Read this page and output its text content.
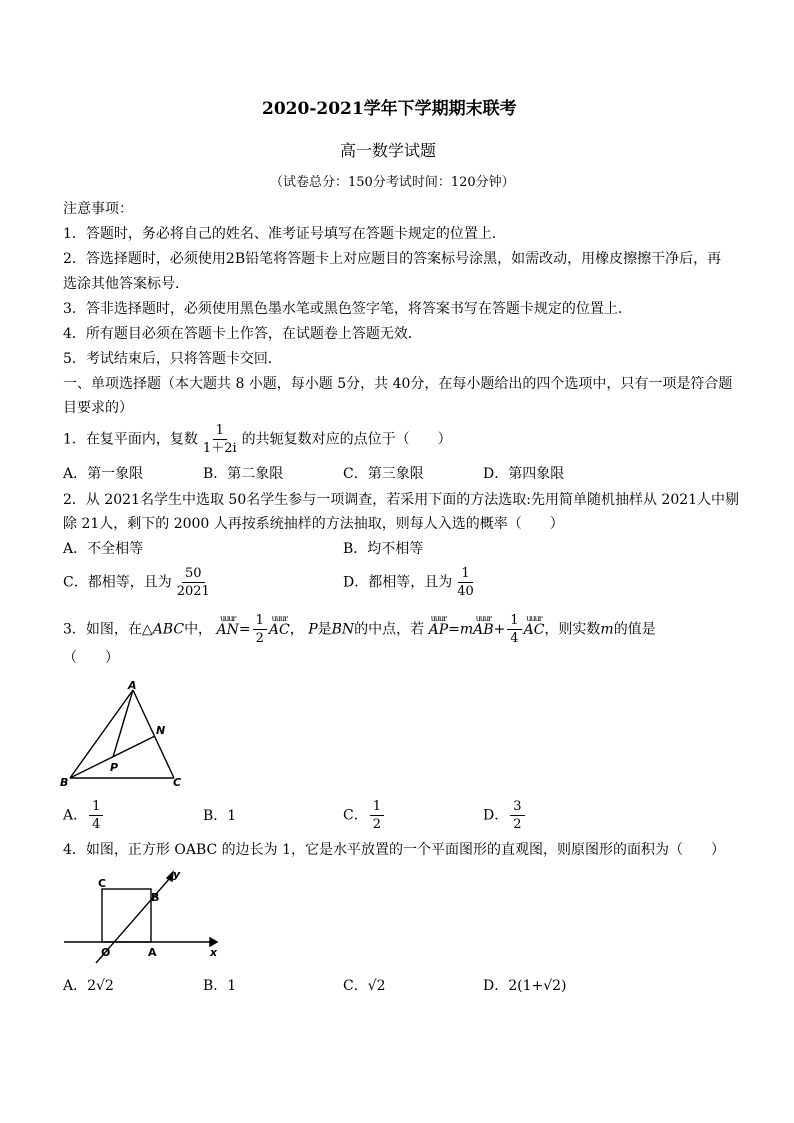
2020-2021学年下学期期末联考
高一数学试题
（试卷总分：150分考试时间：120分钟）
注意事项：
1．答题时，务必将自己的姓名、准考证号填写在答题卡规定的位置上．
2．答选择题时，必须使用2B铅笔将答题卡上对应题目的答案标号涂黑，如需改动，用橡皮擦擦干净后，再
选涂其他答案标号．
3．答非选择题时，必须使用黑色墨水笔或黑色签字笔，将答案书写在答题卡规定的位置上．
4．所有题目必须在答题卡上作答，在试题卷上答题无效．
5．考试结束后，只将答题卡交回．
一、单项选择题（本大题共 8 小题，每小题 5分，共 40分，在每小题给出的四个选项中，只有一项是符合题
目要求的）
1．在复平面内，复数 $\frac{1}{1+2i}$ 的共轭复数对应的点位于（　　）
A．第一象限	B．第二象限	C．第三象限	D．第四象限
2．从 2021名学生中选取 50名学生参与一项调查，若采用下面的方法选取:先用简单随机抽样从 2021人中剔
除 21人，剩下的 2000 人再按系统抽样的方法抽取，则每人入选的概率（　　）
A．不全相等	B．均不相等
C．都相等，且为 $\frac{50}{2021}$	D．都相等，且为 $\frac{1}{40}$
3．如图，在△ABC中，
uuur
$AN= \frac{1}{2}$ uuur
AC， P是BN的中点，若
uuur
AP=m
uuur
$AB+ \frac{1}{4}$ uuur
AC，则实数m的值是
（　　）
A
B	C
N
P
A． $\frac{1}{4}$	B．1	C． $\frac{1}{2}$	D． $\frac{3}{2}$
4．如图，正方形 OABC 的边长为 1，它是水平放置的一个平面图形的直观图，则原图形的面积为（　　）
C
B
O	A	x
y
A．2√2	B．1	C．√2	D．2(1+√2)
